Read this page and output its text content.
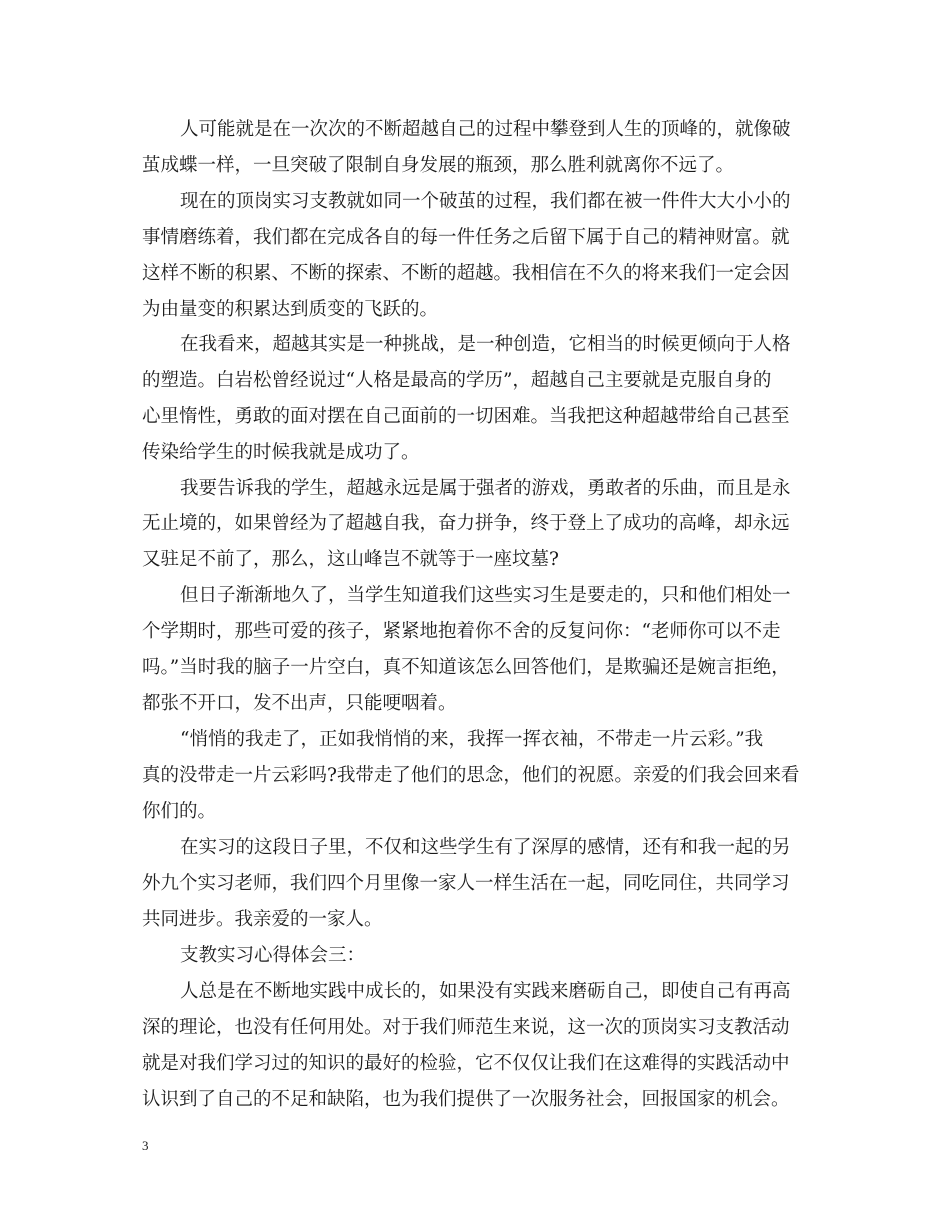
人可能就是在一次次的不断超越自己的过程中攀登到人生的顶峰的，就像破
茧成蝶一样，一旦突破了限制自身发展的瓶颈，那么胜利就离你不远了。
现在的顶岗实习支教就如同一个破茧的过程，我们都在被一件件大大小小的
事情磨练着，我们都在完成各自的每一件任务之后留下属于自己的精神财富。就
这样不断的积累、不断的探索、不断的超越。我相信在不久的将来我们一定会因
为由量变的积累达到质变的飞跃的。
在我看来，超越其实是一种挑战，是一种创造，它相当的时候更倾向于人格
的塑造。白岩松曾经说过“人格是最高的学历”，超越自己主要就是克服自身的
心里惰性，勇敢的面对摆在自己面前的一切困难。当我把这种超越带给自己甚至
传染给学生的时候我就是成功了。
我要告诉我的学生，超越永远是属于强者的游戏，勇敢者的乐曲，而且是永
无止境的，如果曾经为了超越自我，奋力拼争，终于登上了成功的高峰，却永远
又驻足不前了，那么，这山峰岂不就等于一座坟墓?
但日子渐渐地久了，当学生知道我们这些实习生是要走的，只和他们相处一
个学期时，那些可爱的孩子，紧紧地抱着你不舍的反复问你：“老师你可以不走
吗。”当时我的脑子一片空白，真不知道该怎么回答他们，是欺骗还是婉言拒绝，
都张不开口，发不出声，只能哽咽着。
“悄悄的我走了，正如我悄悄的来，我挥一挥衣袖，不带走一片云彩。”我
真的没带走一片云彩吗?我带走了他们的思念，他们的祝愿。亲爱的们我会回来看
你们的。
在实习的这段日子里，不仅和这些学生有了深厚的感情，还有和我一起的另
外九个实习老师，我们四个月里像一家人一样生活在一起，同吃同住，共同学习
共同进步。我亲爱的一家人。
支教实习心得体会三：
人总是在不断地实践中成长的，如果没有实践来磨砺自己，即使自己有再高
深的理论，也没有任何用处。对于我们师范生来说，这一次的顶岗实习支教活动
就是对我们学习过的知识的最好的检验，它不仅仅让我们在这难得的实践活动中
认识到了自己的不足和缺陷，也为我们提供了一次服务社会，回报国家的机会。
3
